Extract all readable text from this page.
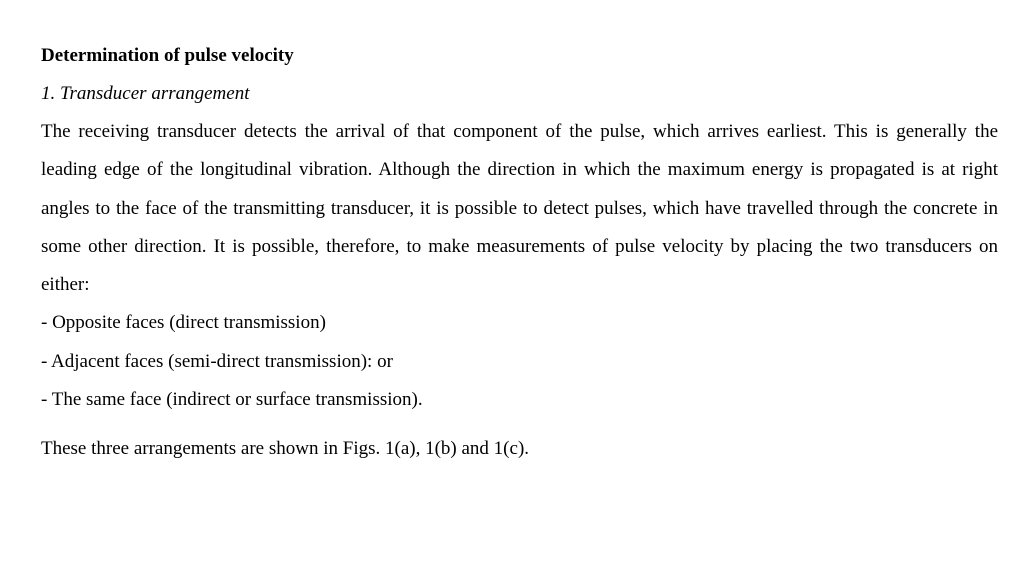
Determination of pulse velocity

1. Transducer arrangement

The receiving transducer detects the arrival of that component of the pulse, which arrives earliest. This is generally the leading edge of the longitudinal vibration. Although the direction in which the maximum energy is propagated is at right angles to the face of the transmitting transducer, it is possible to detect pulses, which have travelled through the concrete in some other direction. It is possible, therefore, to make measurements of pulse velocity by placing the two transducers on either:

- Opposite faces (direct transmission)
- Adjacent faces (semi-direct transmission): or
- The same face (indirect or surface transmission).

These three arrangements are shown in Figs. 1(a), 1(b) and 1(c).
